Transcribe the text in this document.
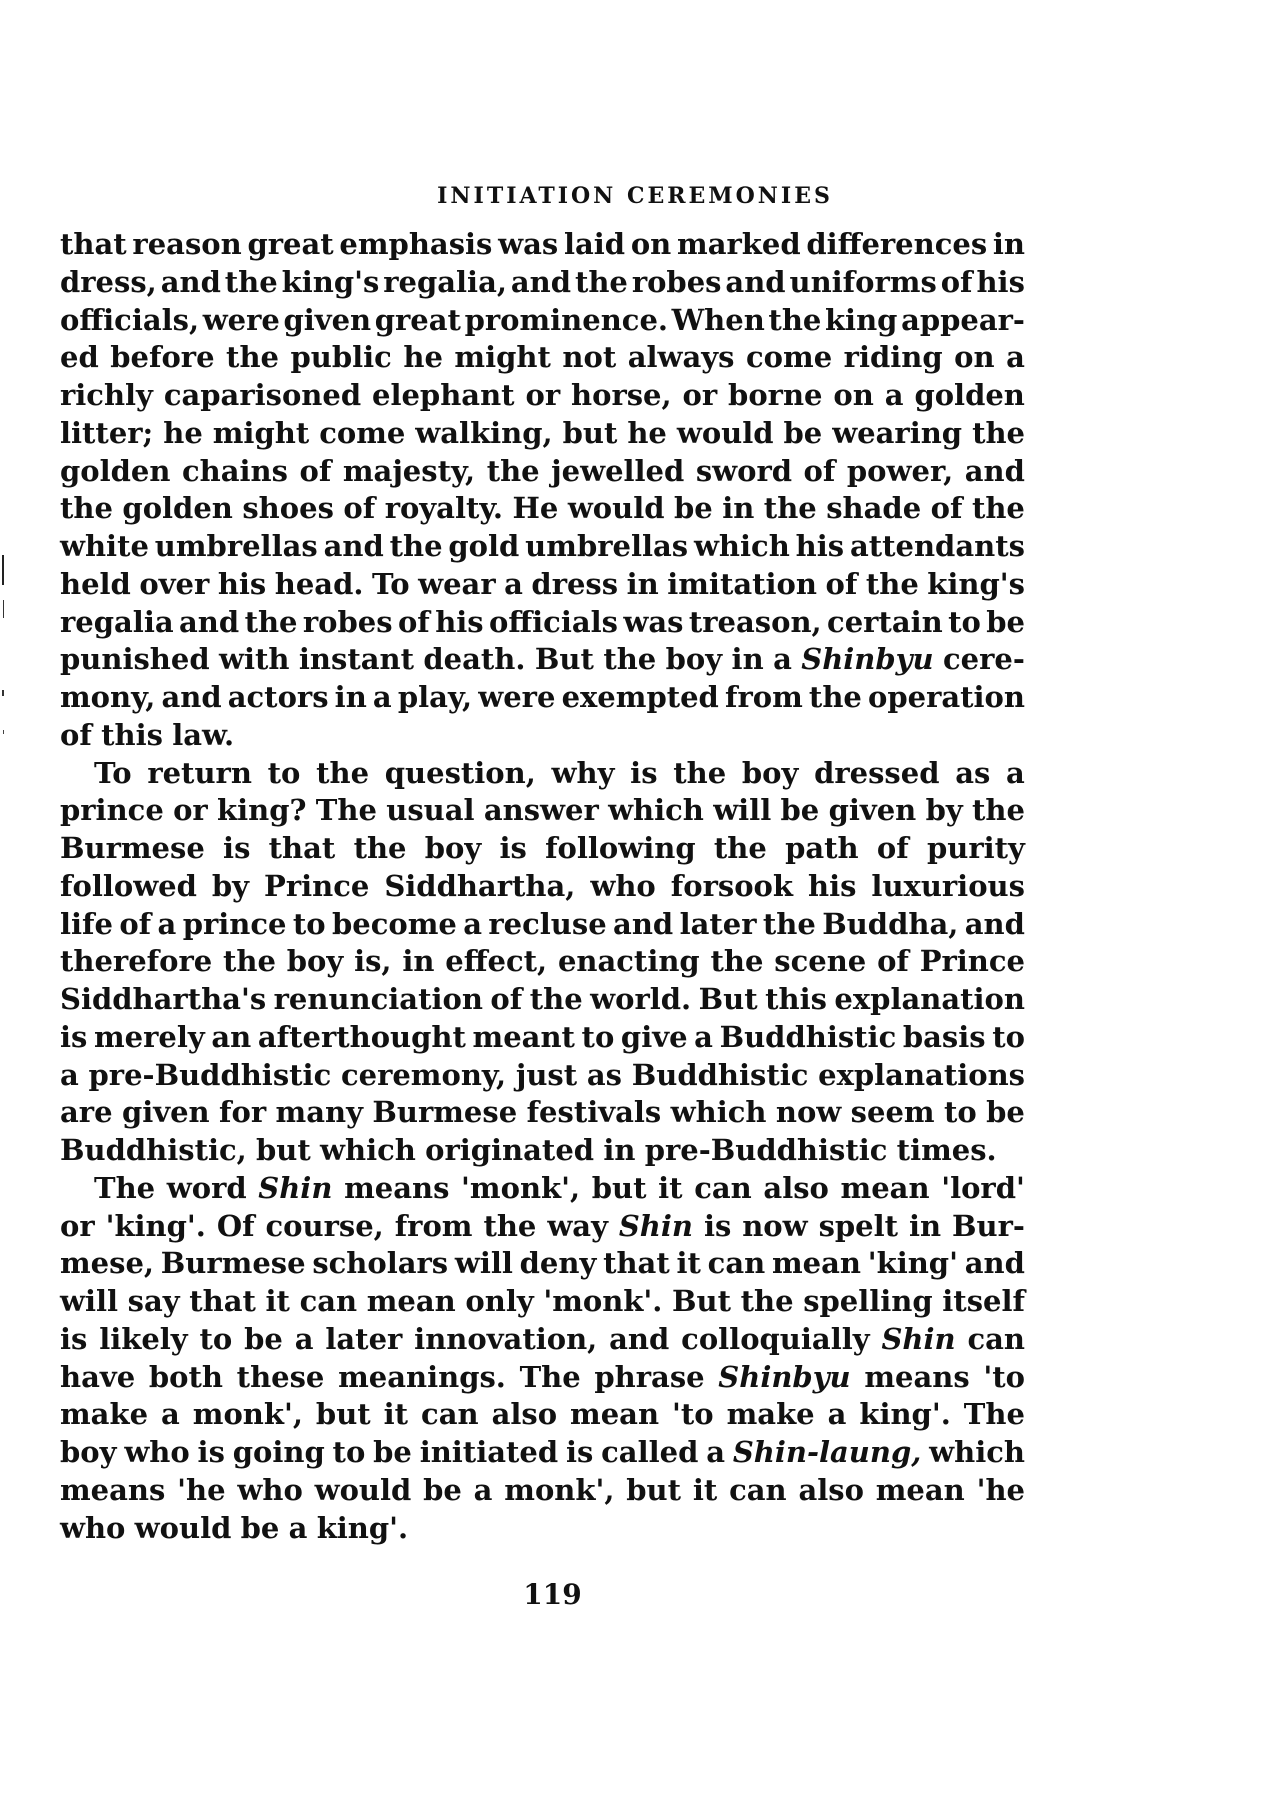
INITIATION CEREMONIES
that reason great emphasis was laid on marked differences in
dress, and the king's regalia, and the robes and uniforms of his
officials, were given great prominence. When the king appear-
ed before the public he might not always come riding on a
richly caparisoned elephant or horse, or borne on a golden
litter; he might come walking, but he would be wearing the
golden chains of majesty, the jewelled sword of power, and
the golden shoes of royalty. He would be in the shade of the
white umbrellas and the gold umbrellas which his attendants
held over his head. To wear a dress in imitation of the king's
regalia and the robes of his officials was treason, certain to be
punished with instant death. But the boy in a Shinbyu cere-
mony, and actors in a play, were exempted from the operation
of this law.
To return to the question, why is the boy dressed as a
prince or king? The usual answer which will be given by the
Burmese is that the boy is following the path of purity
followed by Prince Siddhartha, who forsook his luxurious
life of a prince to become a recluse and later the Buddha, and
therefore the boy is, in effect, enacting the scene of Prince
Siddhartha's renunciation of the world. But this explanation
is merely an afterthought meant to give a Buddhistic basis to
a pre-Buddhistic ceremony, just as Buddhistic explanations
are given for many Burmese festivals which now seem to be
Buddhistic, but which originated in pre-Buddhistic times.
The word Shin means 'monk', but it can also mean 'lord'
or 'king'. Of course, from the way Shin is now spelt in Bur-
mese, Burmese scholars will deny that it can mean 'king' and
will say that it can mean only 'monk'. But the spelling itself
is likely to be a later innovation, and colloquially Shin can
have both these meanings. The phrase Shinbyu means 'to
make a monk', but it can also mean 'to make a king'. The
boy who is going to be initiated is called a Shin-laung, which
means 'he who would be a monk', but it can also mean 'he
who would be a king'.
119
